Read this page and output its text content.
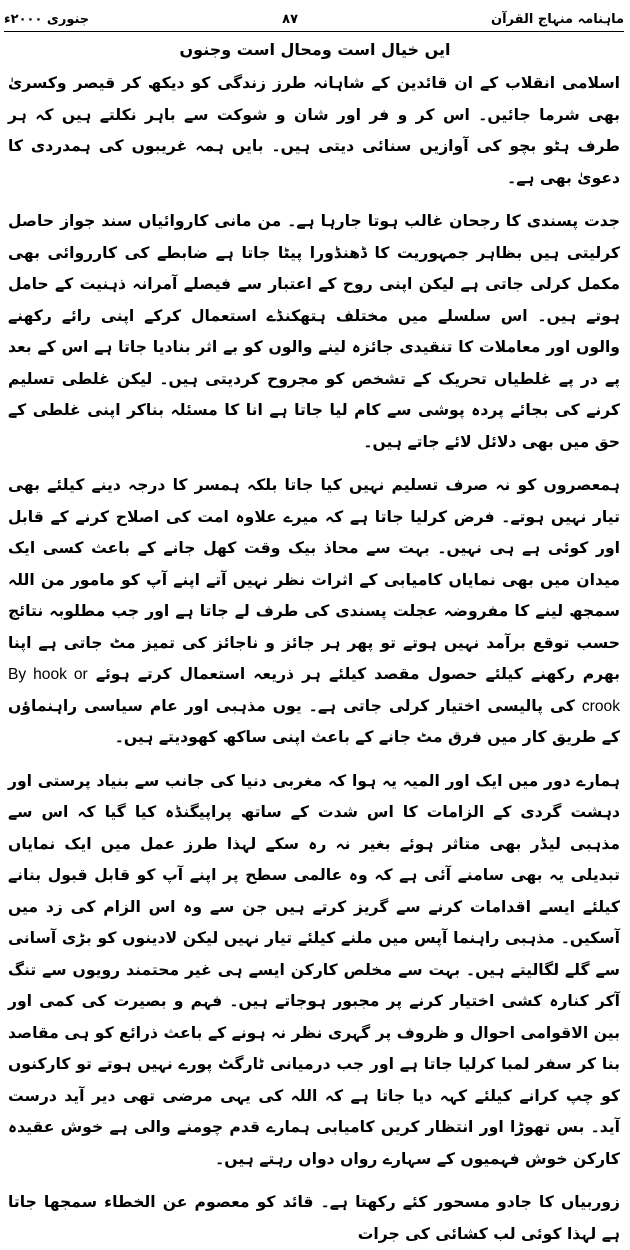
ماہنامہ منہاج القرآن
۸۷
جنوری ۲۰۰۰ء
ایں خیال است ومحال است وجنوں

اسلامی انقلاب کے ان قائدین کے شاہانہ طرز زندگی کو دیکھ کر قیصر وکسریٰ بھی شرما جائیں۔ اس کر و فر اور شان و شوکت سے باہر نکلتے ہیں کہ ہر طرف ہٹو بچو کی آوازیں سنائی دیتی ہیں۔ بایں ہمہ غریبوں کی ہمدردی کا دعویٰ بھی ہے۔

جدت پسندی کا رجحان غالب ہوتا جارہا ہے۔ من مانی کاروائیاں سند جواز حاصل کرلیتی ہیں بظاہر جمہوریت کا ڈھنڈورا پیٹا جاتا ہے ضابطے کی کارروائی بھی مکمل کرلی جاتی ہے لیکن اپنی روح کے اعتبار سے فیصلے آمرانہ ذہنیت کے حامل ہوتے ہیں۔ اس سلسلے میں مختلف ہتھکنڈے استعمال کرکے اپنی رائے رکھنے والوں اور معاملات کا تنقیدی جائزہ لینے والوں کو بے اثر بنادیا جاتا ہے اس کے بعد پے در پے غلطیاں تحریک کے تشخص کو مجروح کردیتی ہیں۔ لیکن غلطی تسلیم کرنے کی بجائے پردہ پوشی سے کام لیا جاتا ہے انا کا مسئلہ بناکر اپنی غلطی کے حق میں بھی دلائل لائے جاتے ہیں۔

ہمعصروں کو نہ صرف تسلیم نہیں کیا جاتا بلکہ ہمسر کا درجہ دینے کیلئے بھی تیار نہیں ہوتے۔ فرض کرلیا جاتا ہے کہ میرے علاوہ امت کی اصلاح کرنے کے قابل اور کوئی ہے ہی نہیں۔ بہت سے محاذ بیک وقت کھل جانے کے باعث کسی ایک میدان میں بھی نمایاں کامیابی کے اثرات نظر نہیں آتے اپنے آپ کو مامور من اللہ سمجھ لینے کا مفروضہ عجلت پسندی کی طرف لے جاتا ہے اور جب مطلوبہ نتائج حسب توقع برآمد نہیں ہوتے تو پھر ہر جائز و ناجائز کی تمیز مٹ جاتی ہے اپنا بھرم رکھنے کیلئے حصول مقصد کیلئے ہر ذریعہ استعمال کرتے ہوئے By hook or crook کی پالیسی اختیار کرلی جاتی ہے۔ یوں مذہبی اور عام سیاسی راہنماؤں کے طریق کار میں فرق مٹ جانے کے باعث اپنی ساکھ کھودیتے ہیں۔

ہمارے دور میں ایک اور المیہ یہ ہوا کہ مغربی دنیا کی جانب سے بنیاد پرستی اور دہشت گردی کے الزامات کا اس شدت کے ساتھ پراپیگنڈہ کیا گیا کہ اس سے مذہبی لیڈر بھی متاثر ہوئے بغیر نہ رہ سکے لہذا طرز عمل میں ایک نمایاں تبدیلی یہ بھی سامنے آئی ہے کہ وہ عالمی سطح پر اپنے آپ کو قابل قبول بنانے کیلئے ایسے اقدامات کرنے سے گریز کرتے ہیں جن سے وہ اس الزام کی زد میں آسکیں۔ مذہبی راہنما آپس میں ملنے کیلئے تیار نہیں لیکن لادینوں کو بڑی آسانی سے گلے لگالیتے ہیں۔ بہت سے مخلص کارکن ایسے ہی غیر محتمند رویوں سے تنگ آکر کنارہ کشی اختیار کرنے پر مجبور ہوجاتے ہیں۔ فہم و بصیرت کی کمی اور بین الاقوامی احوال و ظروف پر گہری نظر نہ ہونے کے باعث ذرائع کو ہی مقاصد بنا کر سفر لمبا کرلیا جاتا ہے اور جب درمیانی ٹارگٹ پورے نہیں ہوتے تو کارکنوں کو چپ کرانے کیلئے کہہ دیا جاتا ہے کہ اللہ کی یہی مرضی تھی دیر آید درست آید۔ بس تھوڑا اور انتظار کریں کامیابی ہمارے قدم چومنے والی ہے خوش عقیدہ کارکن خوش فہمیوں کے سہارے رواں دواں رہتے ہیں۔

زوربیاں کا جادو مسحور کئے رکھتا ہے۔ قائد کو معصوم عن الخطاء سمجھا جاتا ہے لہذا کوئی لب کشائی کی جرات
